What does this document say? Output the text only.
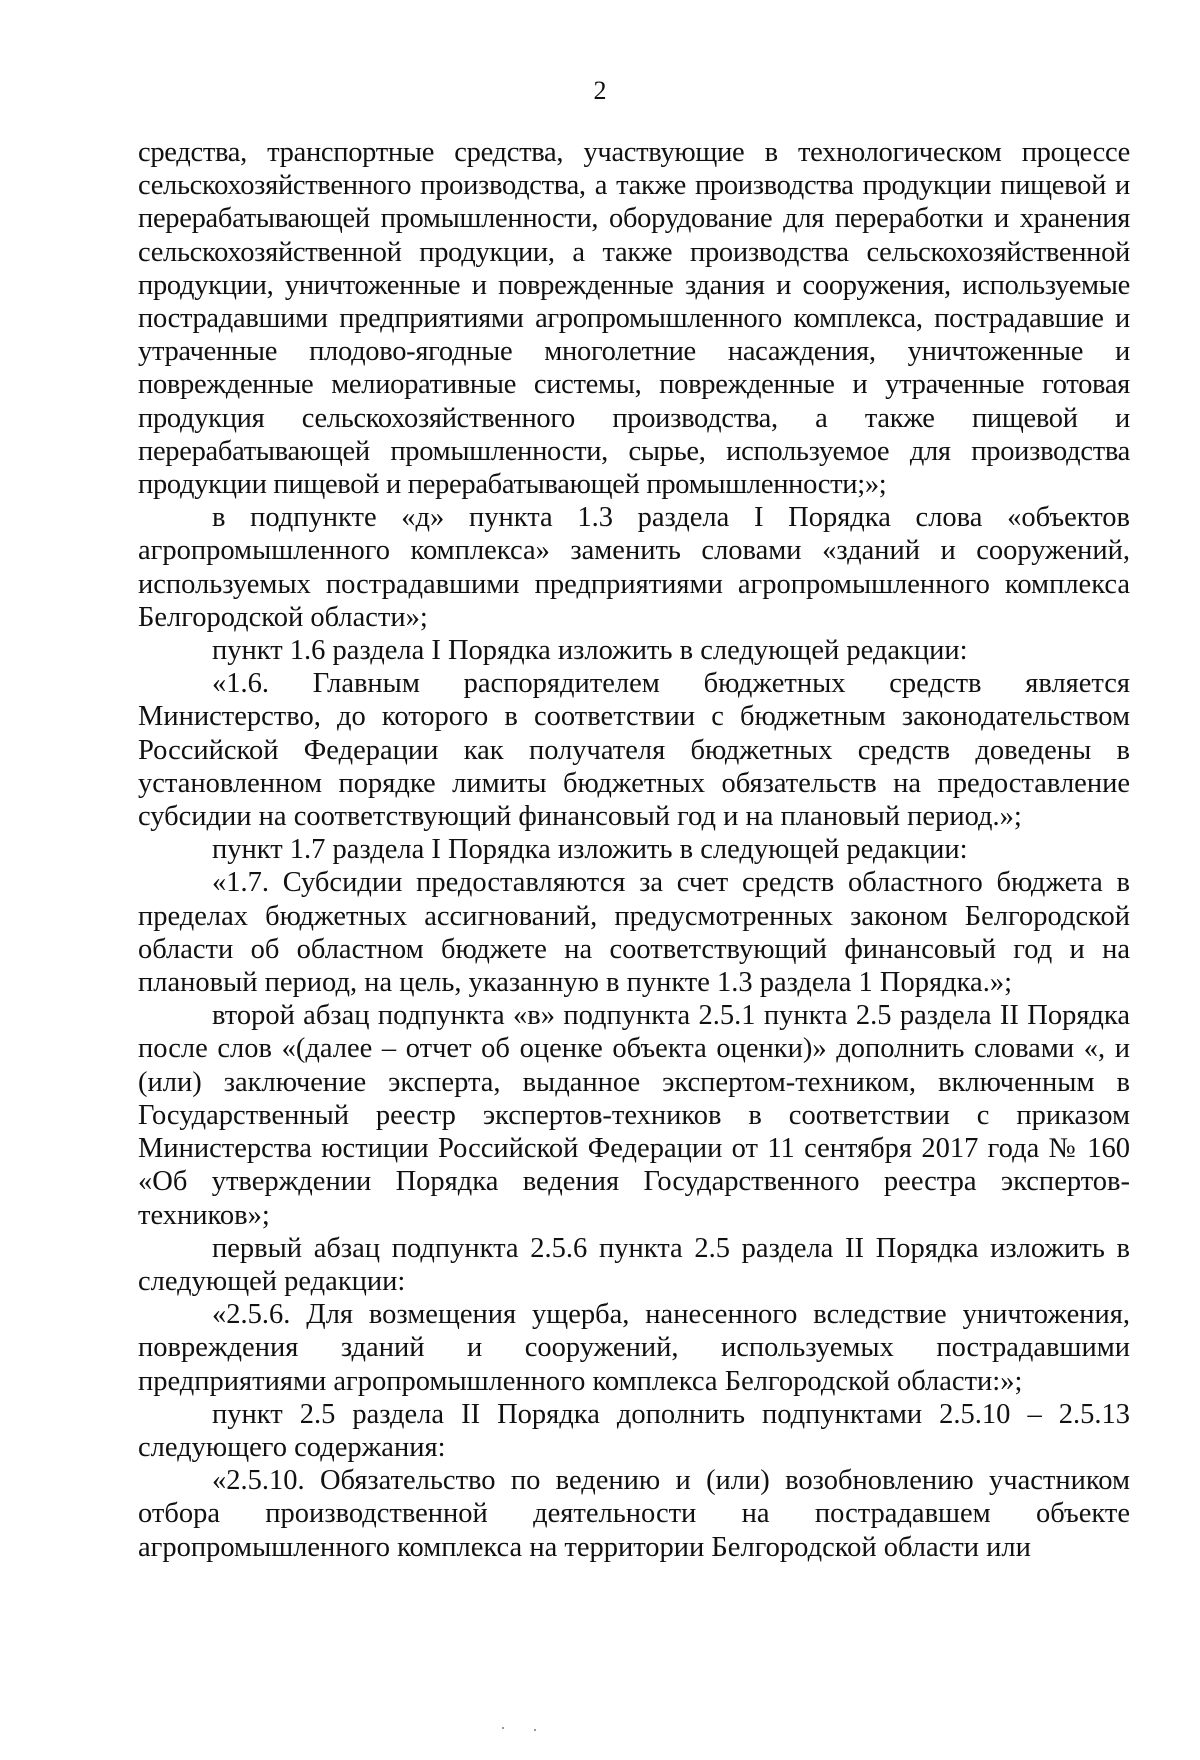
2

средства, транспортные средства, участвующие в технологическом процессе сельскохозяйственного производства, а также производства продукции пищевой и перерабатывающей промышленности, оборудование для переработки и хранения сельскохозяйственной продукции, а также производства сельскохозяйственной продукции, уничтоженные и поврежденные здания и сооружения, используемые пострадавшими предприятиями агропромышленного комплекса, пострадавшие и утраченные плодово-ягодные многолетние насаждения, уничтоженные и поврежденные мелиоративные системы, поврежденные и утраченные готовая продукция сельскохозяйственного производства, а также пищевой и перерабатывающей промышленности, сырье, используемое для производства продукции пищевой и перерабатывающей промышленности;»;

в подпункте «д» пункта 1.3 раздела I Порядка слова «объектов агропромышленного комплекса» заменить словами «зданий и сооружений, используемых пострадавшими предприятиями агропромышленного комплекса Белгородской области»;

пункт 1.6 раздела I Порядка изложить в следующей редакции:

«1.6. Главным распорядителем бюджетных средств является Министерство, до которого в соответствии с бюджетным законодательством Российской Федерации как получателя бюджетных средств доведены в установленном порядке лимиты бюджетных обязательств на предоставление субсидии на соответствующий финансовый год и на плановый период.»;

пункт 1.7 раздела I Порядка изложить в следующей редакции:

«1.7. Субсидии предоставляются за счет средств областного бюджета в пределах бюджетных ассигнований, предусмотренных законом Белгородской области об областном бюджете на соответствующий финансовый год и на плановый период, на цель, указанную в пункте 1.3 раздела 1 Порядка.»;

второй абзац подпункта «в» подпункта 2.5.1 пункта 2.5 раздела II Порядка после слов «(далее – отчет об оценке объекта оценки)» дополнить словами «, и (или) заключение эксперта, выданное экспертом-техником, включенным в Государственный реестр экспертов-техников в соответствии с приказом Министерства юстиции Российской Федерации от 11 сентября 2017 года № 160 «Об утверждении Порядка ведения Государственного реестра экспертов-техников»;

первый абзац подпункта 2.5.6 пункта 2.5 раздела II Порядка изложить в следующей редакции:

«2.5.6. Для возмещения ущерба, нанесенного вследствие уничтожения, повреждения зданий и сооружений, используемых пострадавшими предприятиями агропромышленного комплекса Белгородской области:»;

пункт 2.5 раздела II Порядка дополнить подпунктами 2.5.10 – 2.5.13 следующего содержания:

«2.5.10. Обязательство по ведению и (или) возобновлению участником отбора производственной деятельности на пострадавшем объекте агропромышленного комплекса на территории Белгородской области или
